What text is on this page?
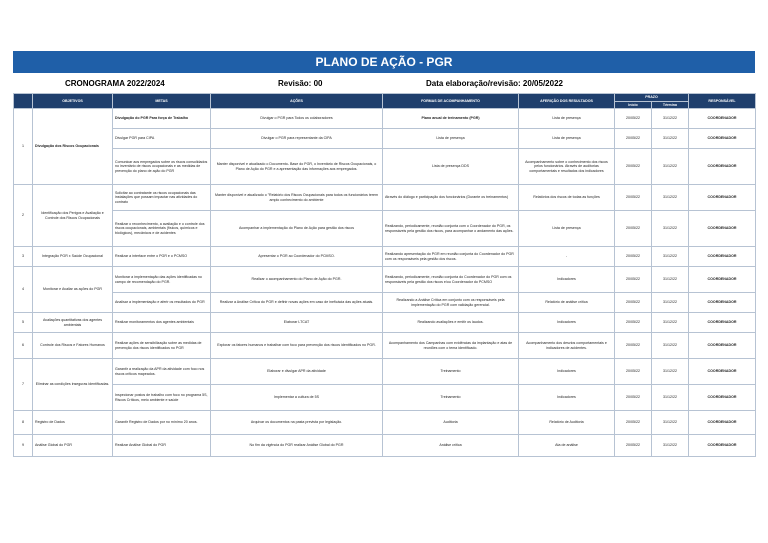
PLANO DE AÇÃO - PGR
CRONOGRAMA 2022/2024	Revisão: 00	Data elaboração/revisão: 20/05/2022
	OBJETIVOS	METAS	AÇÕES	FORMAS DE ACOMPANHAMENTO	AFERIÇÃO DOS RESULTADOS	PRAZO		RESPONSÁVEL
						Início	Término	
1	Divulgação dos Riscos Ocupacionais	Divulgação do PGR Para força de Trabalho	Divulgar o PGR para Todos os colaboradores	Plano anual de treinamento (PGR)	Lista de presença	20/05/22	31/12/22	COORDENADOR
		Divulgar PGR para CIPA	Divulgar o PGR para representante da CIPA	Lista de presença	Lista de presença	20/05/22	31/12/22	COORDENADOR
		Comunicar aos empregados sobre os riscos consolidados no inventário de riscos ocupacionais e as medidas de prevenção do plano de ação do PGR	Manter disponível e atualizado o Documento- Base do PGR, o Inventário de Riscos Ocupacionais, o Plano de Ação do PGR e a apresentação das informações aos empregados.	Lista de presença DDS	Acompanhamento sobre o conhecimento dos riscos pelos funcionários. Através de auditorias comportamentais e resultados dos indicadores	20/05/22	31/12/22	COORDENADOR
2	Identificação dos Perigos e Avaliação e Controle dos Riscos Ocupacionais	Solicitar ao contratante os riscos ocupacionais das instalações que possam impactar nas atividades do contrato	Manter disponível e atualizado o "Relatório dos Riscos Ocupacionais para todos os funcionários terem amplo conhecimento do ambiente	Através do diálogo e participação dos funcionários (Durante os treinamentos)	Relatórios dos riscos de todas as funções	20/05/22	31/12/22	COORDENADOR
		Realizar o reconhecimento, a avaliação e o controle dos riscos ocupacionais, ambientais (físicos, químicos e biológicos), mecânicos e de acidentes	Acompanhar a implementação do Plano de Ação para gestão dos riscos	Realizando, periodicamente, reunião conjunta com o Coordenador do PGR, os responsáveis pela gestão dos riscos, para acompanhar o andamento das ações.	Lista de presença	20/05/22	31/12/22	COORDENADOR
3	Integração PGR x Saúde Ocupacional	Realizar a interface entre o PGR e o PCMSO	Apresentar o PGR ao Coordenador do PCMSO.	Realizando apresentação do PGR em reunião conjunta do Coordenador do PGR com os responsáveis pela gestão dos riscos.	-	20/05/22	31/12/22	COORDENADOR
4	Monitorar e Avaliar as ações do PGR	Monitorar a implementação das ações identificadas no campo de recomendação do PGR.	Realizar o acompanhamento do Plano de Ação do PGR.	Realizando, periodicamente, reunião conjunta do Coordenador do PGR com os responsáveis pela gestão dos riscos e/ou Coordenador do PCMSO	Indicadores	20/05/22	31/12/22	COORDENADOR
		Analisar a implementação e aferir os resultados do PGR	Realizar a Análise Crítica do PGR e definir novas ações em caso de ineficácia das ações atuais.	Realizando a Análise Crítica em conjunto com os responsáveis pela implementação do PGR com validação gerencial.	Relatório de análise crítica	20/05/22	31/12/22	COORDENADOR
5	Avaliações quantitativas dos agentes ambientais	Realizar monitoramentos dos agentes ambientais	Elaborar LTCAT	Realizando avaliações e emitir os laudos.	Indicadores	20/05/22	31/12/22	COORDENADOR
6	Controle dos Riscos e Fatores Humanos	Realizar ações de sensibilização sobre as medidas de prevenção dos riscos identificados no PGR	Explorar os fatores humanos e trabalhar com foco para prevenção dos riscos identificados no PGR.	Acompanhamento dos Campanhas com evidências da implantação e atas de reuniões com o tema identificado.	Acompanhamento dos desvios comportamentais e indicadores de acidentes.	20/05/22	31/12/22	COORDENADOR
7	Eliminar as condições inseguras identificadas.	Garantir a realização da APR da atividade com foco nos riscos críticos mapeados.	Elaborar e divulgar APR da atividade	Treinamento	Indicadores	20/05/22	31/12/22	COORDENADOR
		Inspecionar postos de trabalho com foco no programa 5S, Riscos Críticos, meio ambiente e saúde	Implementar a cultura de 5S	Treinamento	Indicadores	20/05/22	31/12/22	COORDENADOR
8	Registro de Dados	Garantir Registro de Dados por no mínimo 20 anos.	Arquivar os documentos na pasta prevista por legislação.	Auditoria	Relatório de Auditoria	20/05/22	31/12/22	COORDENADOR
9	Análise Global do PGR	Realizar Análise Global do PGR	No fim da vigência do PGR realizar Análise Global do PGR	Análise crítica	Ata de análise	20/05/22	31/12/22	COORDENADOR
